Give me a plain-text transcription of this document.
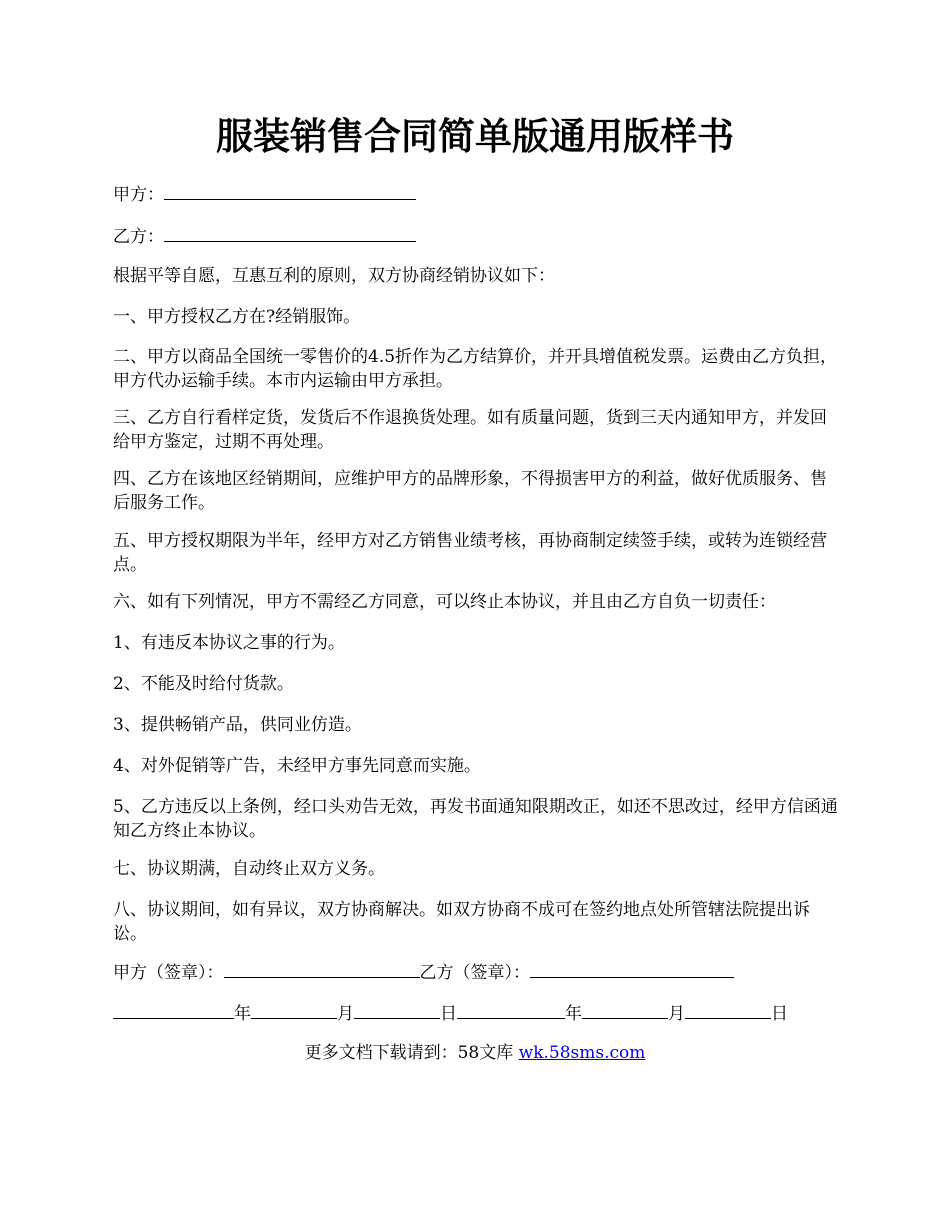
服装销售合同简单版通用版样书
甲方：
乙方：

根据平等自愿，互惠互利的原则，双方协商经销协议如下：

一、甲方授权乙方在?经销服饰。

二、甲方以商品全国统一零售价的4.5折作为乙方结算价，并开具增值税发票。运费由乙方负担，甲方代办运输手续。本市内运输由甲方承担。

三、乙方自行看样定货，发货后不作退换货处理。如有质量问题，货到三天内通知甲方，并发回给甲方鉴定，过期不再处理。

四、乙方在该地区经销期间，应维护甲方的品牌形象，不得损害甲方的利益，做好优质服务、售后服务工作。

五、甲方授权期限为半年，经甲方对乙方销售业绩考核，再协商制定续签手续，或转为连锁经营点。

六、如有下列情况，甲方不需经乙方同意，可以终止本协议，并且由乙方自负一切责任：

1、有违反本协议之事的行为。

2、不能及时给付货款。

3、提供畅销产品，供同业仿造。

4、对外促销等广告，未经甲方事先同意而实施。

5、乙方违反以上条例，经口头劝告无效，再发书面通知限期改正，如还不思改过，经甲方信函通知乙方终止本协议。

七、协议期满，自动终止双方义务。

八、协议期间，如有异议，双方协商解决。如双方协商不成可在签约地点处所管辖法院提出诉讼。

甲方（签章）：	乙方（签章）：
年	月	日	年	月	日
更多文档下载请到：58文库 wk.58sms.com
